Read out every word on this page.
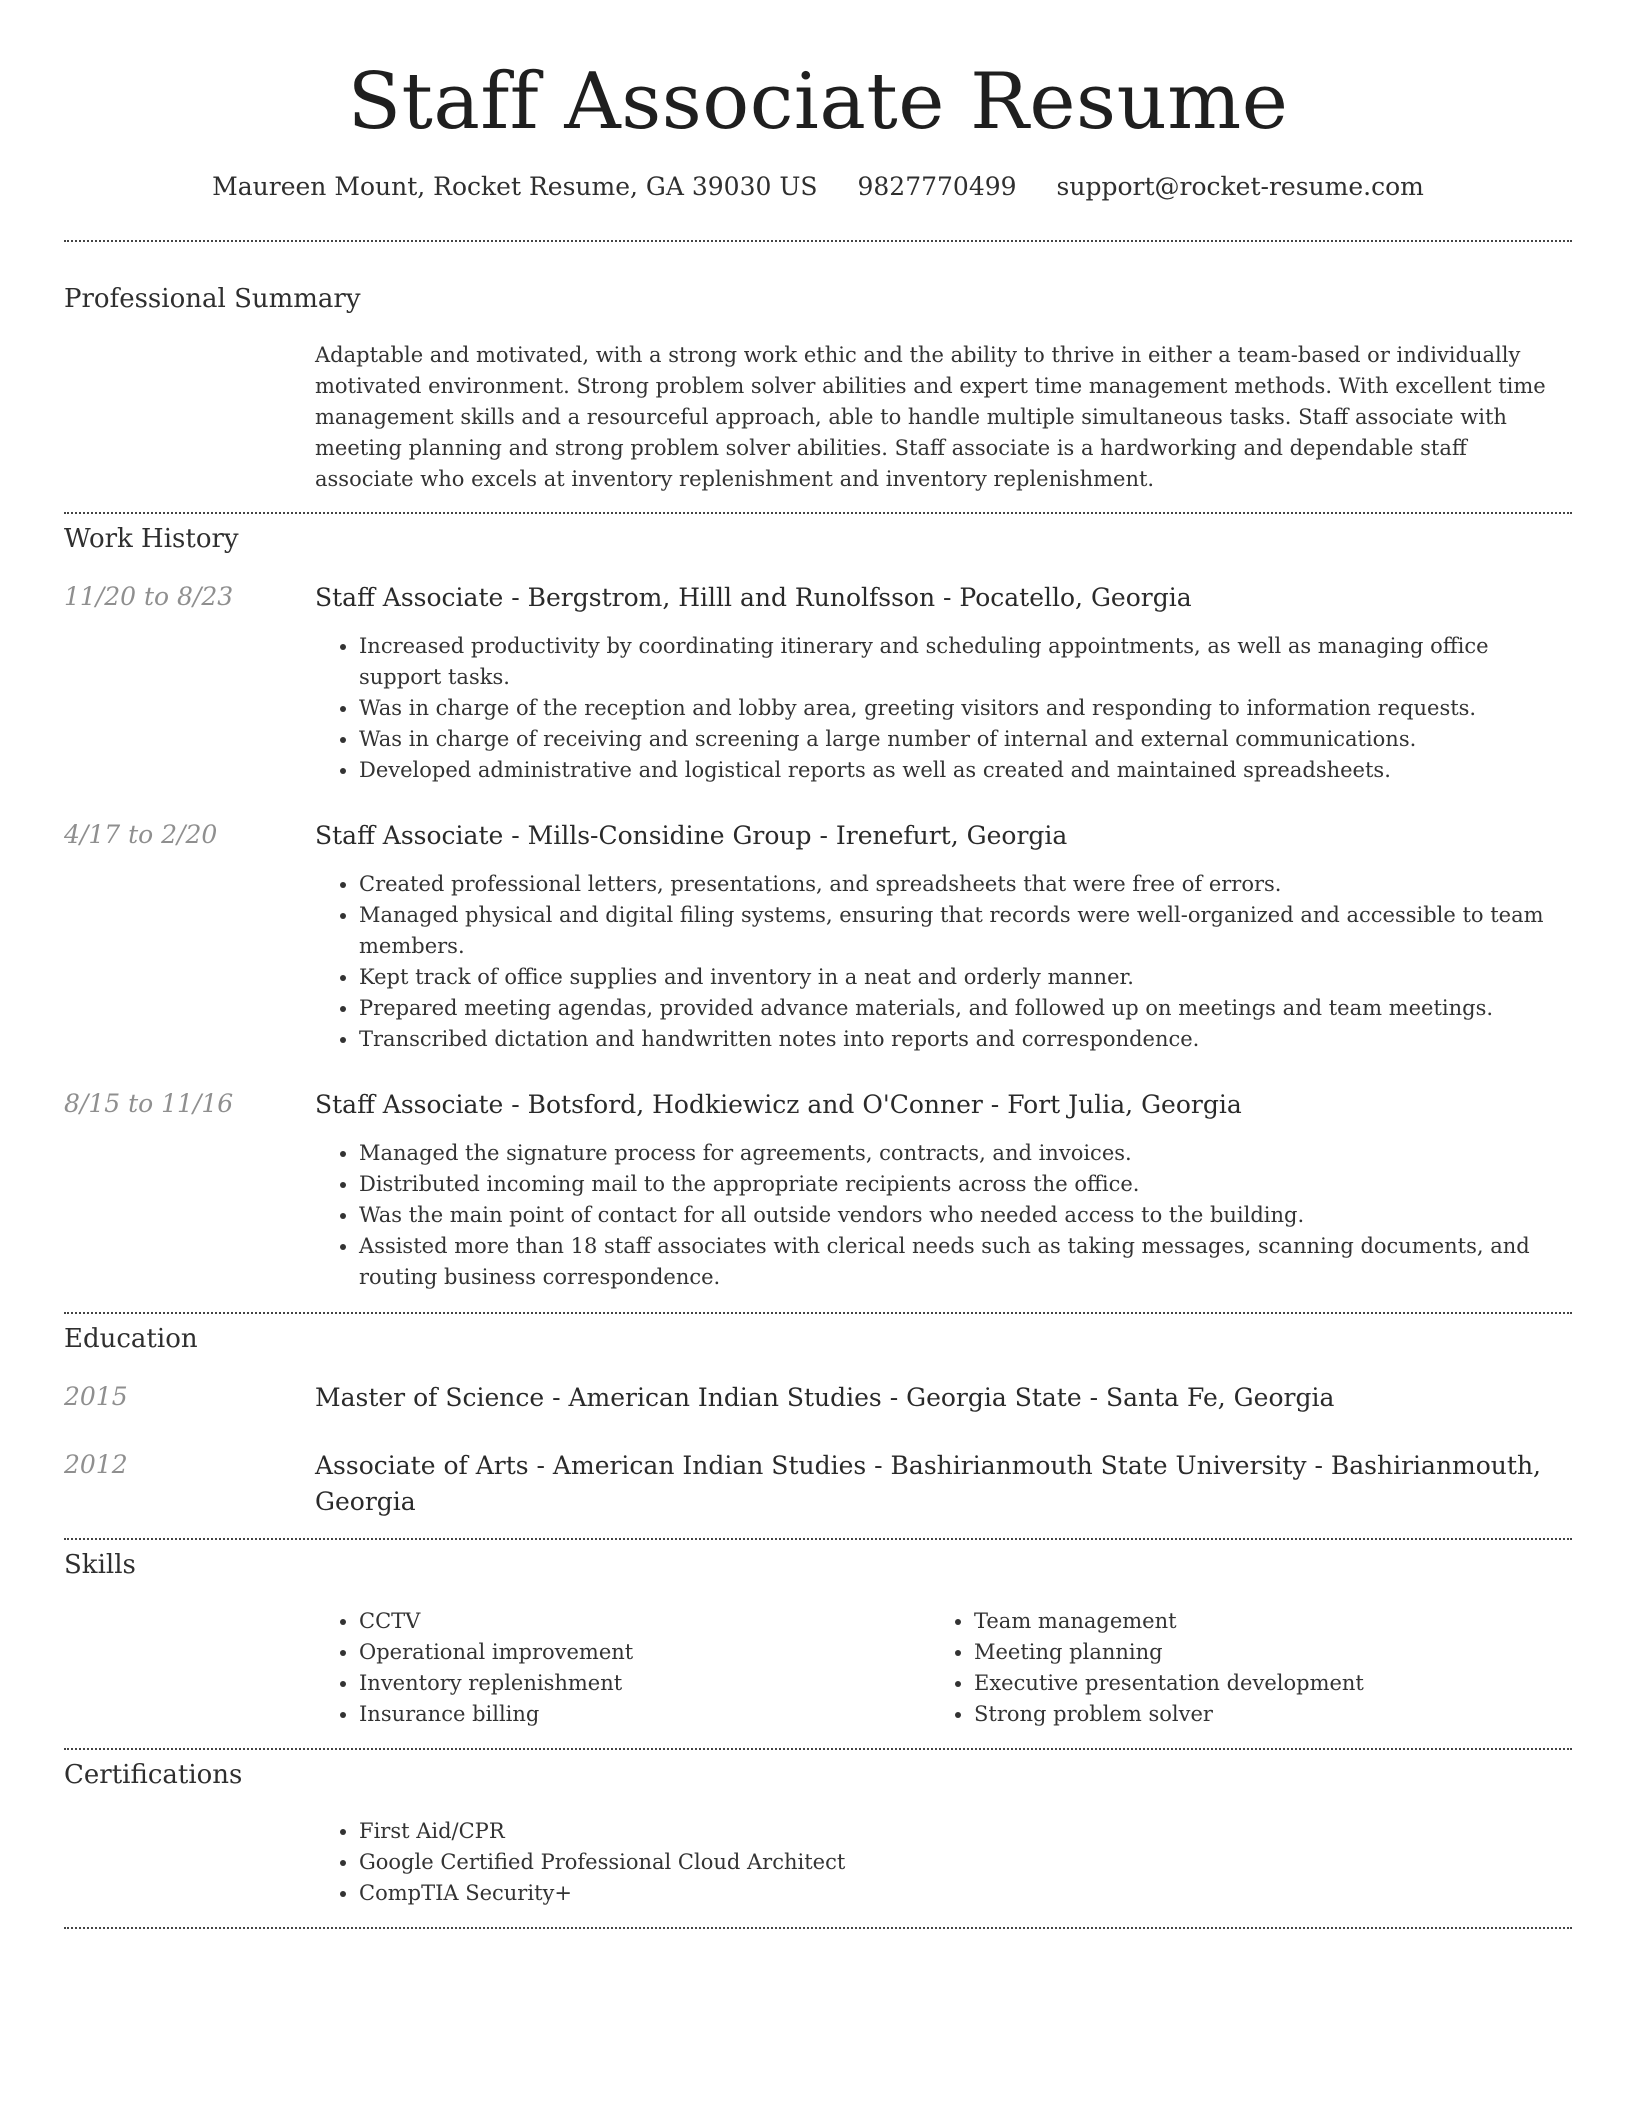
Staff Associate Resume
Maureen Mount, Rocket Resume, GA 39030 US 9827770499 support@rocket-resume.com
Professional Summary
Adaptable and motivated, with a strong work ethic and the ability to thrive in either a team-based or individually motivated environment. Strong problem solver abilities and expert time management methods. With excellent time management skills and a resourceful approach, able to handle multiple simultaneous tasks. Staff associate with meeting planning and strong problem solver abilities. Staff associate is a hardworking and dependable staff associate who excels at inventory replenishment and inventory replenishment.
Work History
11/20 to 8/23	Staff Associate - Bergstrom, Hilll and Runolfsson - Pocatello, Georgia
• Increased productivity by coordinating itinerary and scheduling appointments, as well as managing office support tasks.
• Was in charge of the reception and lobby area, greeting visitors and responding to information requests.
• Was in charge of receiving and screening a large number of internal and external communications.
• Developed administrative and logistical reports as well as created and maintained spreadsheets.
4/17 to 2/20	Staff Associate - Mills-Considine Group - Irenefurt, Georgia
• Created professional letters, presentations, and spreadsheets that were free of errors.
• Managed physical and digital filing systems, ensuring that records were well-organized and accessible to team members.
• Kept track of office supplies and inventory in a neat and orderly manner.
• Prepared meeting agendas, provided advance materials, and followed up on meetings and team meetings.
• Transcribed dictation and handwritten notes into reports and correspondence.
8/15 to 11/16	Staff Associate - Botsford, Hodkiewicz and O'Conner - Fort Julia, Georgia
• Managed the signature process for agreements, contracts, and invoices.
• Distributed incoming mail to the appropriate recipients across the office.
• Was the main point of contact for all outside vendors who needed access to the building.
• Assisted more than 18 staff associates with clerical needs such as taking messages, scanning documents, and routing business correspondence.
Education
2015	Master of Science - American Indian Studies - Georgia State - Santa Fe, Georgia
2012	Associate of Arts - American Indian Studies - Bashirianmouth State University - Bashirianmouth, Georgia
Skills
• CCTV
• Operational improvement
• Inventory replenishment
• Insurance billing
• Team management
• Meeting planning
• Executive presentation development
• Strong problem solver
Certifications
• First Aid/CPR
• Google Certified Professional Cloud Architect
• CompTIA Security+
